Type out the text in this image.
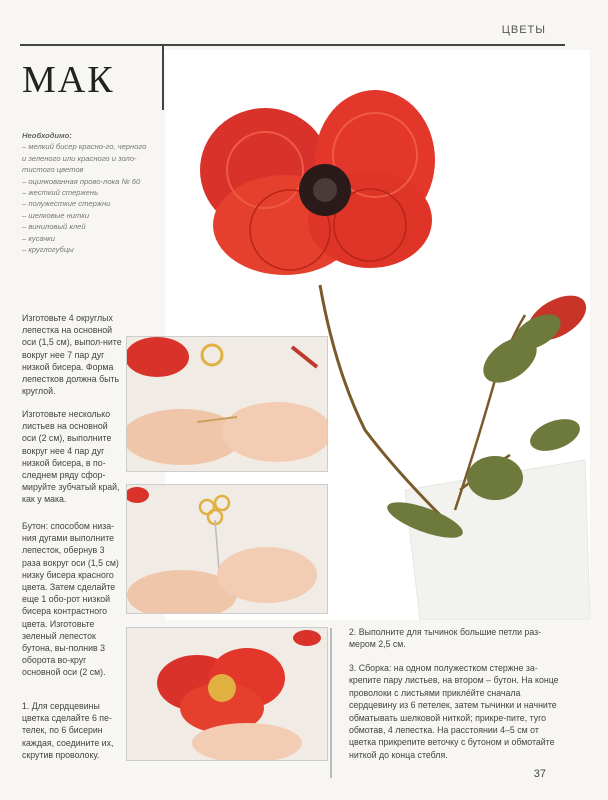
ЦВЕТЫ
МАК
Необходимо:
– мелкий бисер красно-го, черного и зеленого или красного и золо-тистого цветов
– оцинкованная прово-лока № 60
– жесткий стержень
– полужесткие стержни
– шелковые нитки
– виниловый клей
– кусачки
– круглогубцы
Изготовьте 4 округлых лепестка на основной оси (1,5 см), выпол-ните вокруг нее 7 пар дуг низкой бисера. Форма лепестков должна быть круглой.
Изготовьте несколько листьев на основной оси (2 см), выполните вокруг нее 4 пар дуг низкой бисера, в по-следнем ряду сфор-мируйте зубчатый край, как у мака.
Бутон: способом низа-ния дугами выполните лепесток, обернув 3 раза вокруг оси (1,5 см) низку бисера красного цвета. Затем сделайте еще 1 обо-рот низкой бисера контрастного цвета. Изготовьте зеленый лепесток бутона, вы-полнив 3 оборота во-круг основной оси (2 см).
1. Для сердцевины цветка сделайте 6 пе-телек, по 6 бисерин каждая, соедините их, скрутив проволоку.
2. Выполните для тычинок большие петли раз-мером 2,5 см.
3. Сборка: на одном полужестком стержне за-крепите пару листьев, на втором – бутон. На конце проволоки с листьями прикле́йте сначала сердцевину из 6 петелек, затем тычинки и начните обматывать шелковой ниткой; прикре-пите, туго обмотав, 4 лепестка. На расстоянии 4–5 см от цветка прикрепите веточку с бутоном и обмотайте ниткой до конца стебля.
37
